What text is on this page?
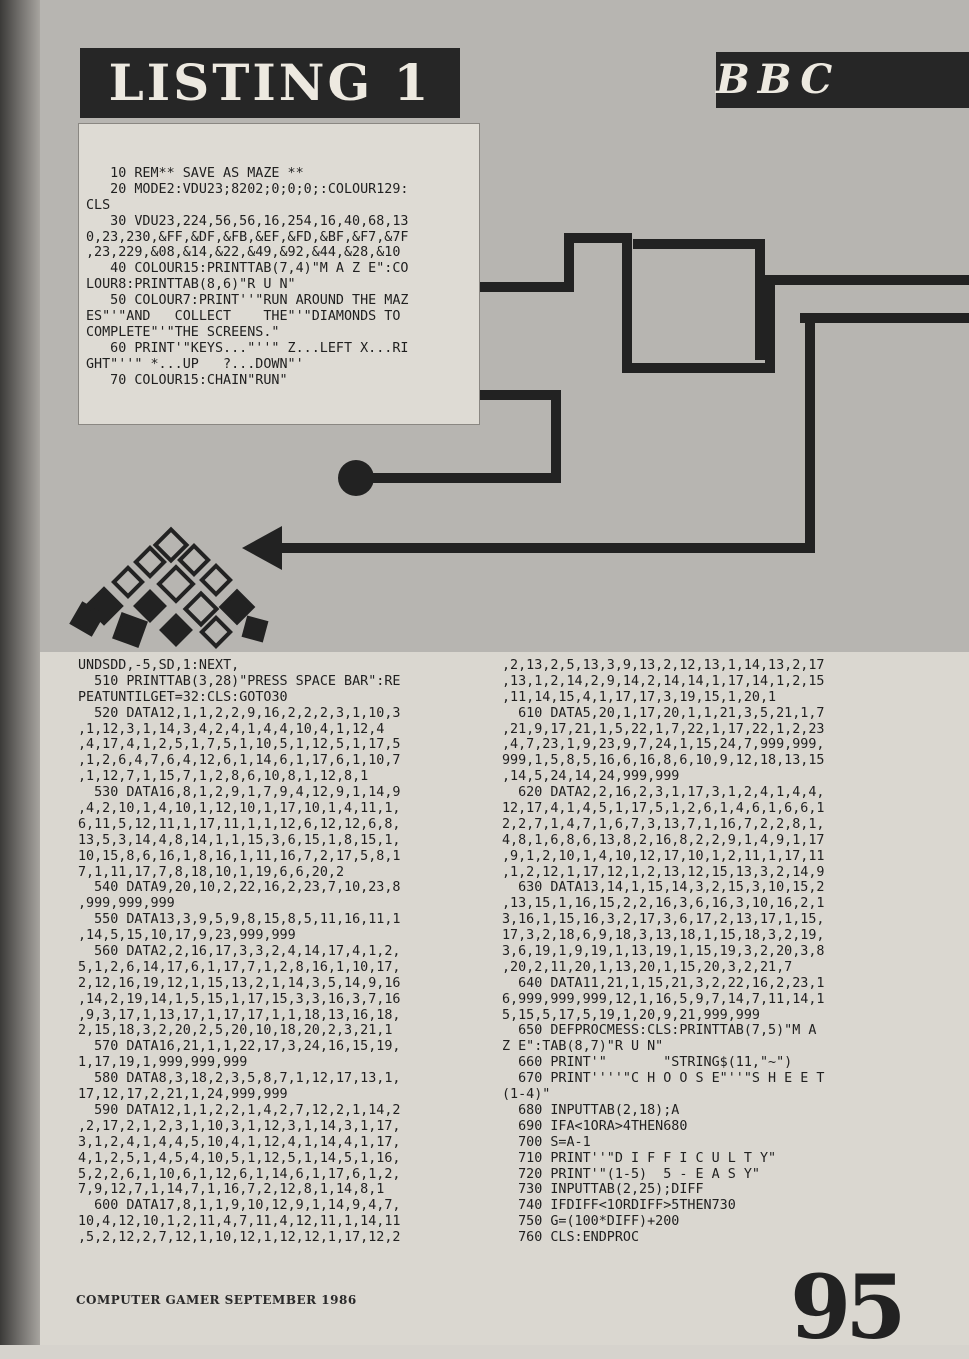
LISTING 1	BBC
10 REM** SAVE AS MAZE **
20 MODE2:VDU23;8202;0;0;0;:COLOUR129:
CLS
30 VDU23,224,56,56,16,254,16,40,68,13
0,23,230,&FF,&DF,&FB,&EF,&FD,&BF,&F7,&7F
,23,229,&08,&14,&22,&49,&92,&44,&28,&10
40 COLOUR15:PRINTTAB(7,4)"M A Z E":CO
LOUR8:PRINTTAB(8,6)"R U N"
50 COLOUR7:PRINT''"RUN AROUND THE MAZ
ES"'"AND   COLLECT    THE"'"DIAMONDS TO
COMPLETE"'"THE SCREENS."
60 PRINT'"KEYS..."''" Z...LEFT X...RI
GHT"''" *...UP   ?...DOWN"'
70 COLOUR15:CHAIN"RUN"
UNDSDD,-5,SD,1:NEXT,
510 PRINTTAB(3,28)"PRESS SPACE BAR":RE
PEATUNTILGET=32:CLS:GOTO30
520 DATA12,1,1,2,2,9,16,2,2,2,3,1,10,3
,1,12,3,1,14,3,4,2,4,1,4,4,10,4,1,12,4
,4,17,4,1,2,5,1,7,5,1,10,5,1,12,5,1,17,5
,1,2,6,4,7,6,4,12,6,1,14,6,1,17,6,1,10,7
,1,12,7,1,15,7,1,2,8,6,10,8,1,12,8,1
530 DATA16,8,1,2,9,1,7,9,4,12,9,1,14,9
,4,2,10,1,4,10,1,12,10,1,17,10,1,4,11,1,
6,11,5,12,11,1,17,11,1,1,12,6,12,12,6,8,
13,5,3,14,4,8,14,1,1,15,3,6,15,1,8,15,1,
10,15,8,6,16,1,8,16,1,11,16,7,2,17,5,8,1
7,1,11,17,7,8,18,10,1,19,6,6,20,2
540 DATA9,20,10,2,22,16,2,23,7,10,23,8
,999,999,999
550 DATA13,3,9,5,9,8,15,8,5,11,16,11,1
,14,5,15,10,17,9,23,999,999
560 DATA2,2,16,17,3,3,2,4,14,17,4,1,2,
5,1,2,6,14,17,6,1,17,7,1,2,8,16,1,10,17,
2,12,16,19,12,1,15,13,2,1,14,3,5,14,9,16
,14,2,19,14,1,5,15,1,17,15,3,3,16,3,7,16
,9,3,17,1,13,17,1,17,17,1,1,18,13,16,18,
2,15,18,3,2,20,2,5,20,10,18,20,2,3,21,1
570 DATA16,21,1,1,22,17,3,24,16,15,19,
1,17,19,1,999,999,999
580 DATA8,3,18,2,3,5,8,7,1,12,17,13,1,
17,12,17,2,21,1,24,999,999
590 DATA12,1,1,2,2,1,4,2,7,12,2,1,14,2
,2,17,2,1,2,3,1,10,3,1,12,3,1,14,3,1,17,
3,1,2,4,1,4,4,5,10,4,1,12,4,1,14,4,1,17,
4,1,2,5,1,4,5,4,10,5,1,12,5,1,14,5,1,16,
5,2,2,6,1,10,6,1,12,6,1,14,6,1,17,6,1,2,
7,9,12,7,1,14,7,1,16,7,2,12,8,1,14,8,1
600 DATA17,8,1,1,9,10,12,9,1,14,9,4,7,
10,4,12,10,1,2,11,4,7,11,4,12,11,1,14,11
,5,2,12,2,7,12,1,10,12,1,12,12,1,17,12,2
,2,13,2,5,13,3,9,13,2,12,13,1,14,13,2,17
,13,1,2,14,2,9,14,2,14,14,1,17,14,1,2,15
,11,14,15,4,1,17,17,3,19,15,1,20,1
610 DATA5,20,1,17,20,1,1,21,3,5,21,1,7
,21,9,17,21,1,5,22,1,7,22,1,17,22,1,2,23
,4,7,23,1,9,23,9,7,24,1,15,24,7,999,999,
999,1,5,8,5,16,6,16,8,6,10,9,12,18,13,15
,14,5,24,14,24,999,999
620 DATA2,2,16,2,3,1,17,3,1,2,4,1,4,4,
12,17,4,1,4,5,1,17,5,1,2,6,1,4,6,1,6,6,1
2,2,7,1,4,7,1,6,7,3,13,7,1,16,7,2,2,8,1,
4,8,1,6,8,6,13,8,2,16,8,2,2,9,1,4,9,1,17
,9,1,2,10,1,4,10,12,17,10,1,2,11,1,17,11
,1,2,12,1,17,12,1,2,13,12,15,13,3,2,14,9
630 DATA13,14,1,15,14,3,2,15,3,10,15,2
,13,15,1,16,15,2,2,16,3,6,16,3,10,16,2,1
3,16,1,15,16,3,2,17,3,6,17,2,13,17,1,15,
17,3,2,18,6,9,18,3,13,18,1,15,18,3,2,19,
3,6,19,1,9,19,1,13,19,1,15,19,3,2,20,3,8
,20,2,11,20,1,13,20,1,15,20,3,2,21,7
640 DATA11,21,1,15,21,3,2,22,16,2,23,1
6,999,999,999,12,1,16,5,9,7,14,7,11,14,1
5,15,5,17,5,19,1,20,9,21,999,999
650 DEFPROCMESS:CLS:PRINTTAB(7,5)"M A
Z E":TAB(8,7)"R U N"
660 PRINT'"       "STRING$(11,"~")
670 PRINT''''"C H O O S E"''"S H E E T
(1-4)"
680 INPUTTAB(2,18);A
690 IFA<1ORA>4THEN680
700 S=A-1
710 PRINT''"D I F F I C U L T Y"
720 PRINT'"(1-5)  5 - E A S Y"
730 INPUTTAB(2,25);DIFF
740 IFDIFF<1ORDIFF>5THEN730
750 G=(100*DIFF)+200
760 CLS:ENDPROC
COMPUTER GAMER SEPTEMBER 1986	95
